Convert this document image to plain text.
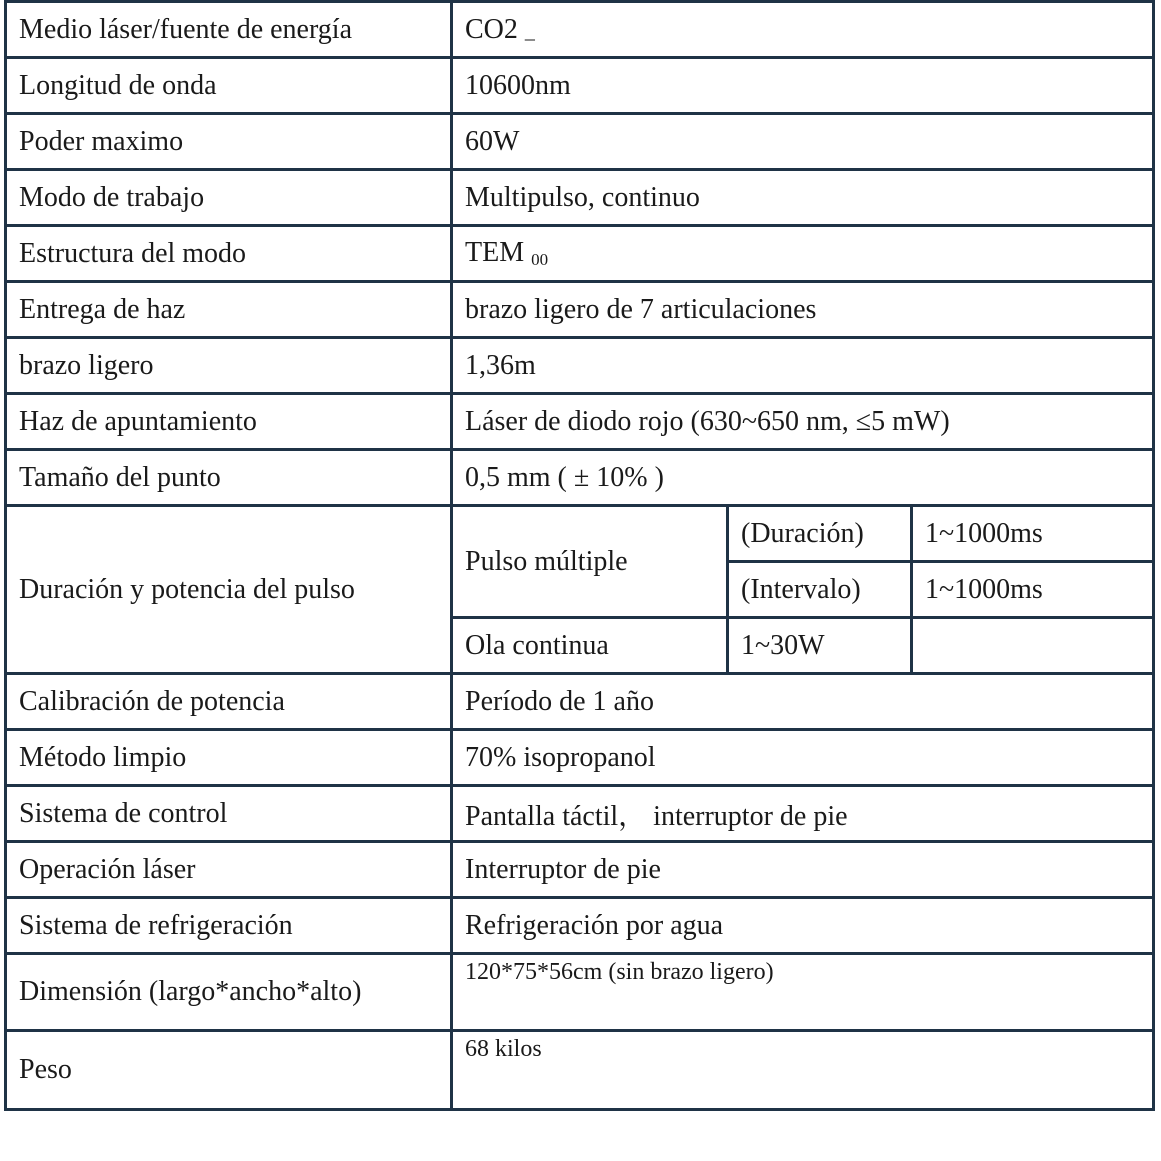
Medio láser/fuente de energía	CO2 _		
Longitud de onda	10600nm		
Poder maximo	60W		
Modo de trabajo	Multipulso, continuo		
Estructura del modo	TEM $_{00}$
Entrega de haz	brazo ligero de 7 articulaciones		
brazo ligero	1,36m		
Haz de apuntamiento	Láser de diodo rojo (630~650 nm, ≤5 mW)		
Tamaño del punto	0,5 mm ( ± 10% )		
Duración y potencia del pulso	Pulso múltiple	(Duración)	1~1000ms
		(Intervalo)	1~1000ms
	Ola continua	1~30W	
Calibración de potencia	Período de 1 año		
Método limpio	70% isopropanol		
Sistema de control	Pantalla táctil， interruptor de pie		
Operación láser	Interruptor de pie		
Sistema de refrigeración	Refrigeración por agua		
Dimensión (largo*ancho*alto)	120*75*56cm (sin brazo ligero)		
Peso	68 kilos		
